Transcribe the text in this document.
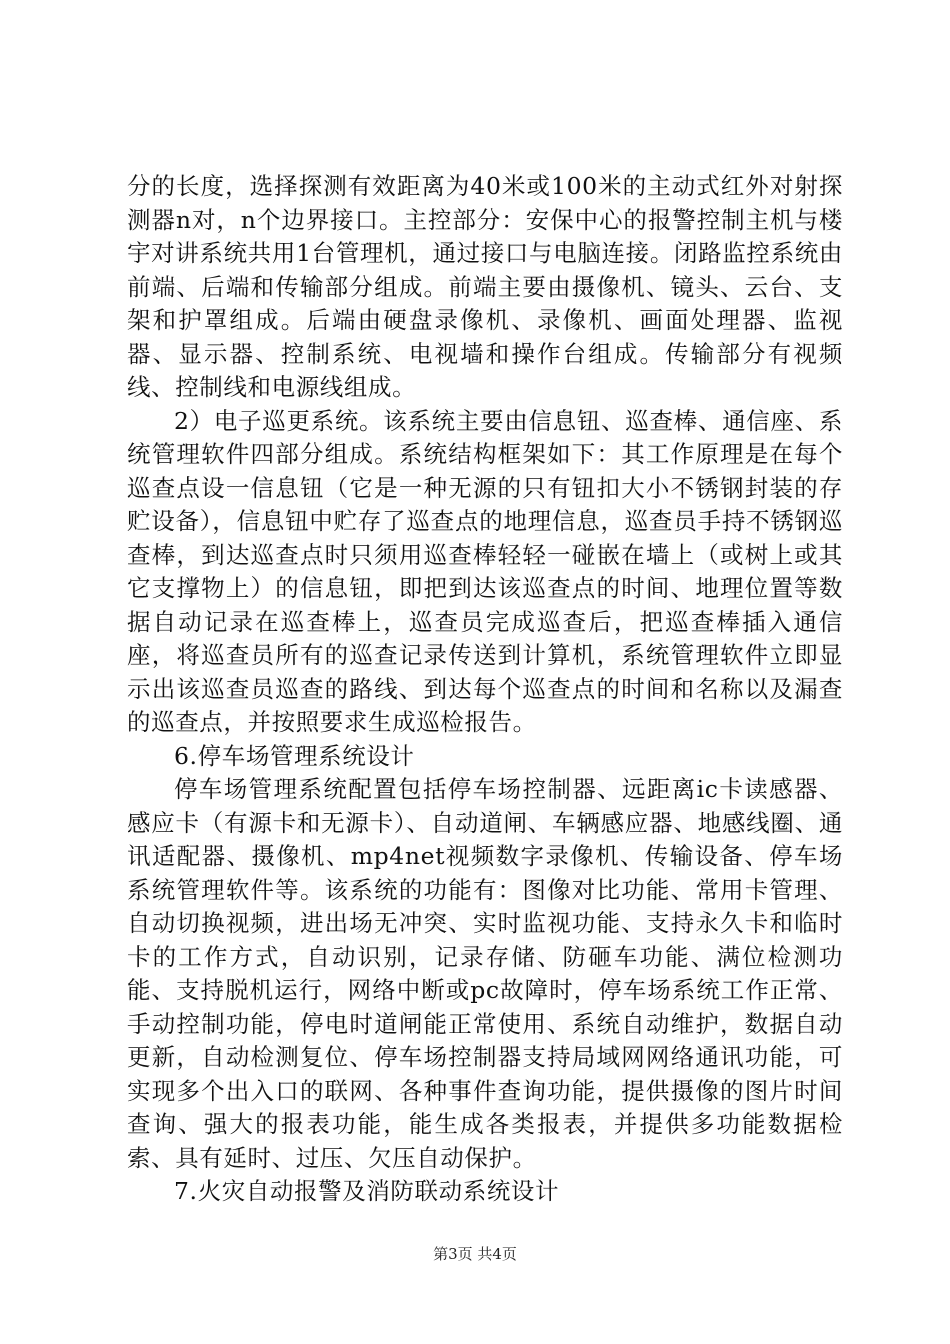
分的长度，选择探测有效距离为40米或100米的主动式红外对射探测器n对，n个边界接口。主控部分：安保中心的报警控制主机与楼宇对讲系统共用1台管理机，通过接口与电脑连接。闭路监控系统由前端、后端和传输部分组成。前端主要由摄像机、镜头、云台、支架和护罩组成。后端由硬盘录像机、录像机、画面处理器、监视器、显示器、控制系统、电视墙和操作台组成。传输部分有视频线、控制线和电源线组成。

2）电子巡更系统。该系统主要由信息钮、巡查棒、通信座、系统管理软件四部分组成。系统结构框架如下：其工作原理是在每个巡查点设一信息钮（它是一种无源的只有钮扣大小不锈钢封装的存贮设备），信息钮中贮存了巡查点的地理信息，巡查员手持不锈钢巡查棒，到达巡查点时只须用巡查棒轻轻一碰嵌在墙上（或树上或其它支撑物上）的信息钮，即把到达该巡查点的时间、地理位置等数据自动记录在巡查棒上，巡查员完成巡查后，把巡查棒插入通信座，将巡查员所有的巡查记录传送到计算机，系统管理软件立即显示出该巡查员巡查的路线、到达每个巡查点的时间和名称以及漏查的巡查点，并按照要求生成巡检报告。

6.停车场管理系统设计

停车场管理系统配置包括停车场控制器、远距离ic卡读感器、感应卡（有源卡和无源卡）、自动道闸、车辆感应器、地感线圈、通讯适配器、摄像机、mp4net视频数字录像机、传输设备、停车场系统管理软件等。该系统的功能有：图像对比功能、常用卡管理、自动切换视频，进出场无冲突、实时监视功能、支持永久卡和临时卡的工作方式，自动识别，记录存储、防砸车功能、满位检测功能、支持脱机运行，网络中断或pc故障时，停车场系统工作正常、手动控制功能，停电时道闸能正常使用、系统自动维护，数据自动更新，自动检测复位、停车场控制器支持局域网网络通讯功能，可实现多个出入口的联网、各种事件查询功能，提供摄像的图片时间查询、强大的报表功能，能生成各类报表，并提供多功能数据检索、具有延时、过压、欠压自动保护。

7.火灾自动报警及消防联动系统设计

第3页 共4页
